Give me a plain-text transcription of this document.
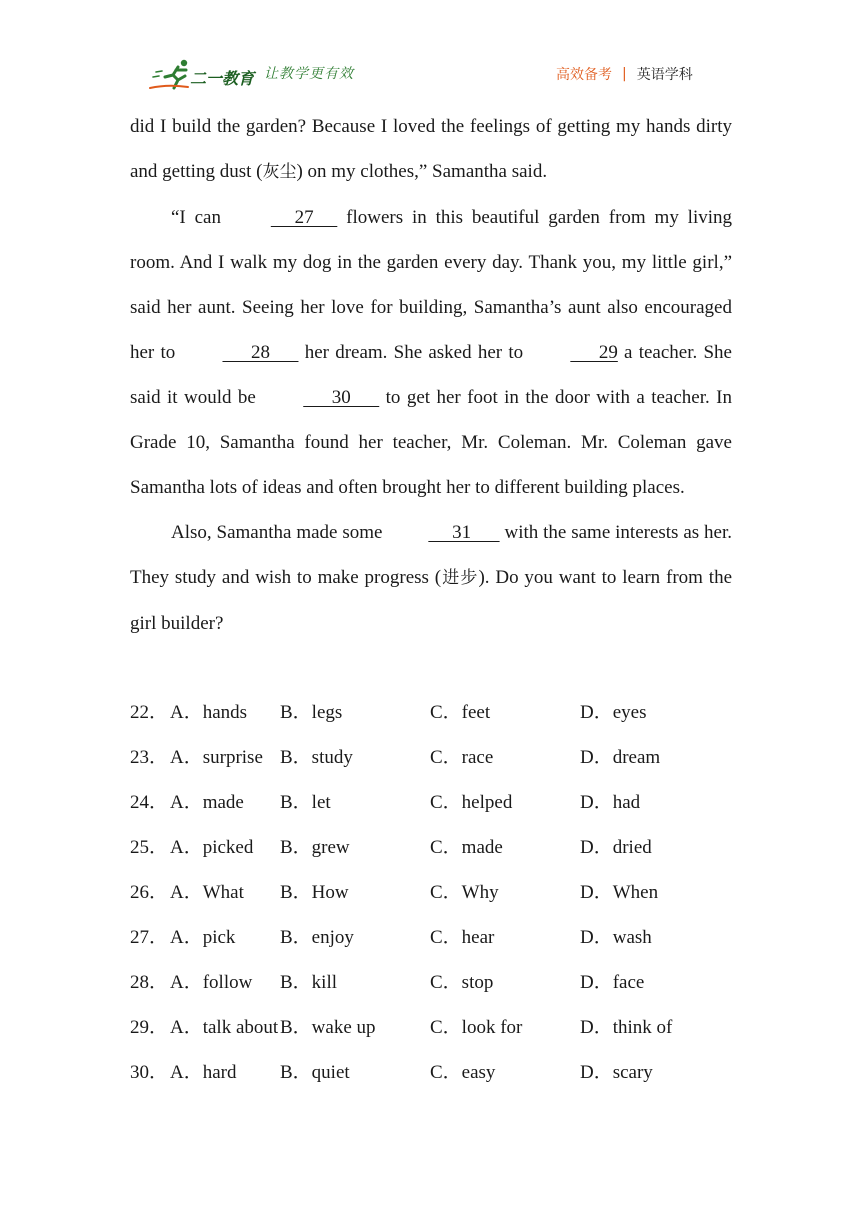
二一教育 让教学更有效	高效备考 | 英语学科

did I build the garden? Because I loved the feelings of getting my hands dirty and getting dust (灰尘) on my clothes,” Samantha said.

“I can      27      flowers in this beautiful garden from my living room. And I walk my dog in the garden every day. Thank you, my little girl,” said her aunt. Seeing her love for building, Samantha’s aunt also encouraged her to       28       her dream. She asked her to       29 a teacher. She said it would be       30       to get her foot in the door with a teacher. In Grade 10, Samantha found her teacher, Mr. Coleman. Mr. Coleman gave Samantha lots of ideas and often brought her to different building places.

Also, Samantha made some      31       with the same interests as her. They study and wish to make progress (进步). Do you want to learn from the girl builder?

22． A．hands B．legs	C．feet	D．eyes
23． A．surprise B．study	C．race	D．dream
24． A．made B．let	C．helped	D．had
25． A．picked B．grew	C．made	D．dried
26． A．What B．How	C．Why	D．When
27． A．pick B．enjoy	C．hear	D．wash
28． A．follow B．kill	C．stop	D．face
29． A．talk about B．wake up	C．look for	D．think of
30． A．hard B．quiet	C．easy	D．scary
